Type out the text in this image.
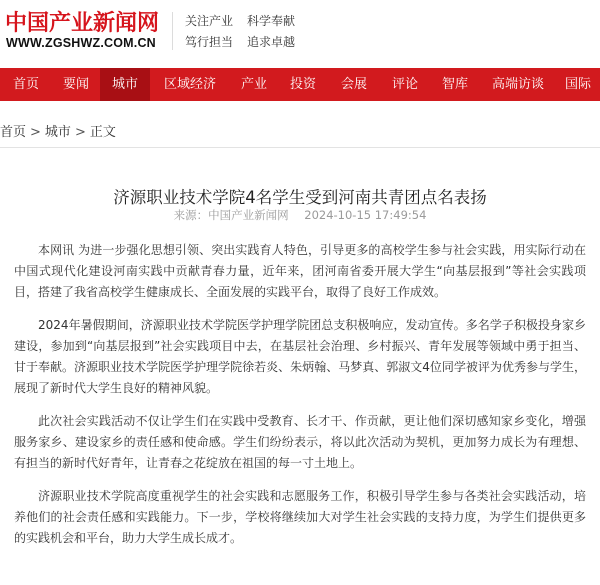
中国产业新闻网
WWW.ZGSHWZ.COM.CN
关注产业 科学奉献
笃行担当 追求卓越
首页	要闻	城市	区域经济	产业	投资	会展	评论	智库	高端访谈	国际
首页 > 城市 > 正文
济源职业技术学院4名学生受到河南共青团点名表扬
来源：中国产业新闻网 2024-10-15 17:49:54

本网讯 为进一步强化思想引领、突出实践育人特色，引导更多的高校学生参与社会实践，用实际行动在中国式现代化建设河南实践中贡献青春力量，近年来，团河南省委开展大学生“向基层报到”等社会实践项目，搭建了我省高校学生健康成长、全面发展的实践平台，取得了良好工作成效。

2024年暑假期间，济源职业技术学院医学护理学院团总支积极响应，发动宣传。多名学子积极投身家乡建设，参加到“向基层报到”社会实践项目中去，在基层社会治理、乡村振兴、青年发展等领域中勇于担当、甘于奉献。济源职业技术学院医学护理学院徐若炎、朱炳翰、马梦真、郭淑文4位同学被评为优秀参与学生，展现了新时代大学生良好的精神风貌。

此次社会实践活动不仅让学生们在实践中受教育、长才干、作贡献，更让他们深切感知家乡变化，增强服务家乡、建设家乡的责任感和使命感。学生们纷纷表示，将以此次活动为契机，更加努力成长为有理想、有担当的新时代好青年，让青春之花绽放在祖国的每一寸土地上。

济源职业技术学院高度重视学生的社会实践和志愿服务工作，积极引导学生参与各类社会实践活动，培养他们的社会责任感和实践能力。下一步，学校将继续加大对学生社会实践的支持力度，为学生们提供更多的实践机会和平台，助力大学生成长成才。
